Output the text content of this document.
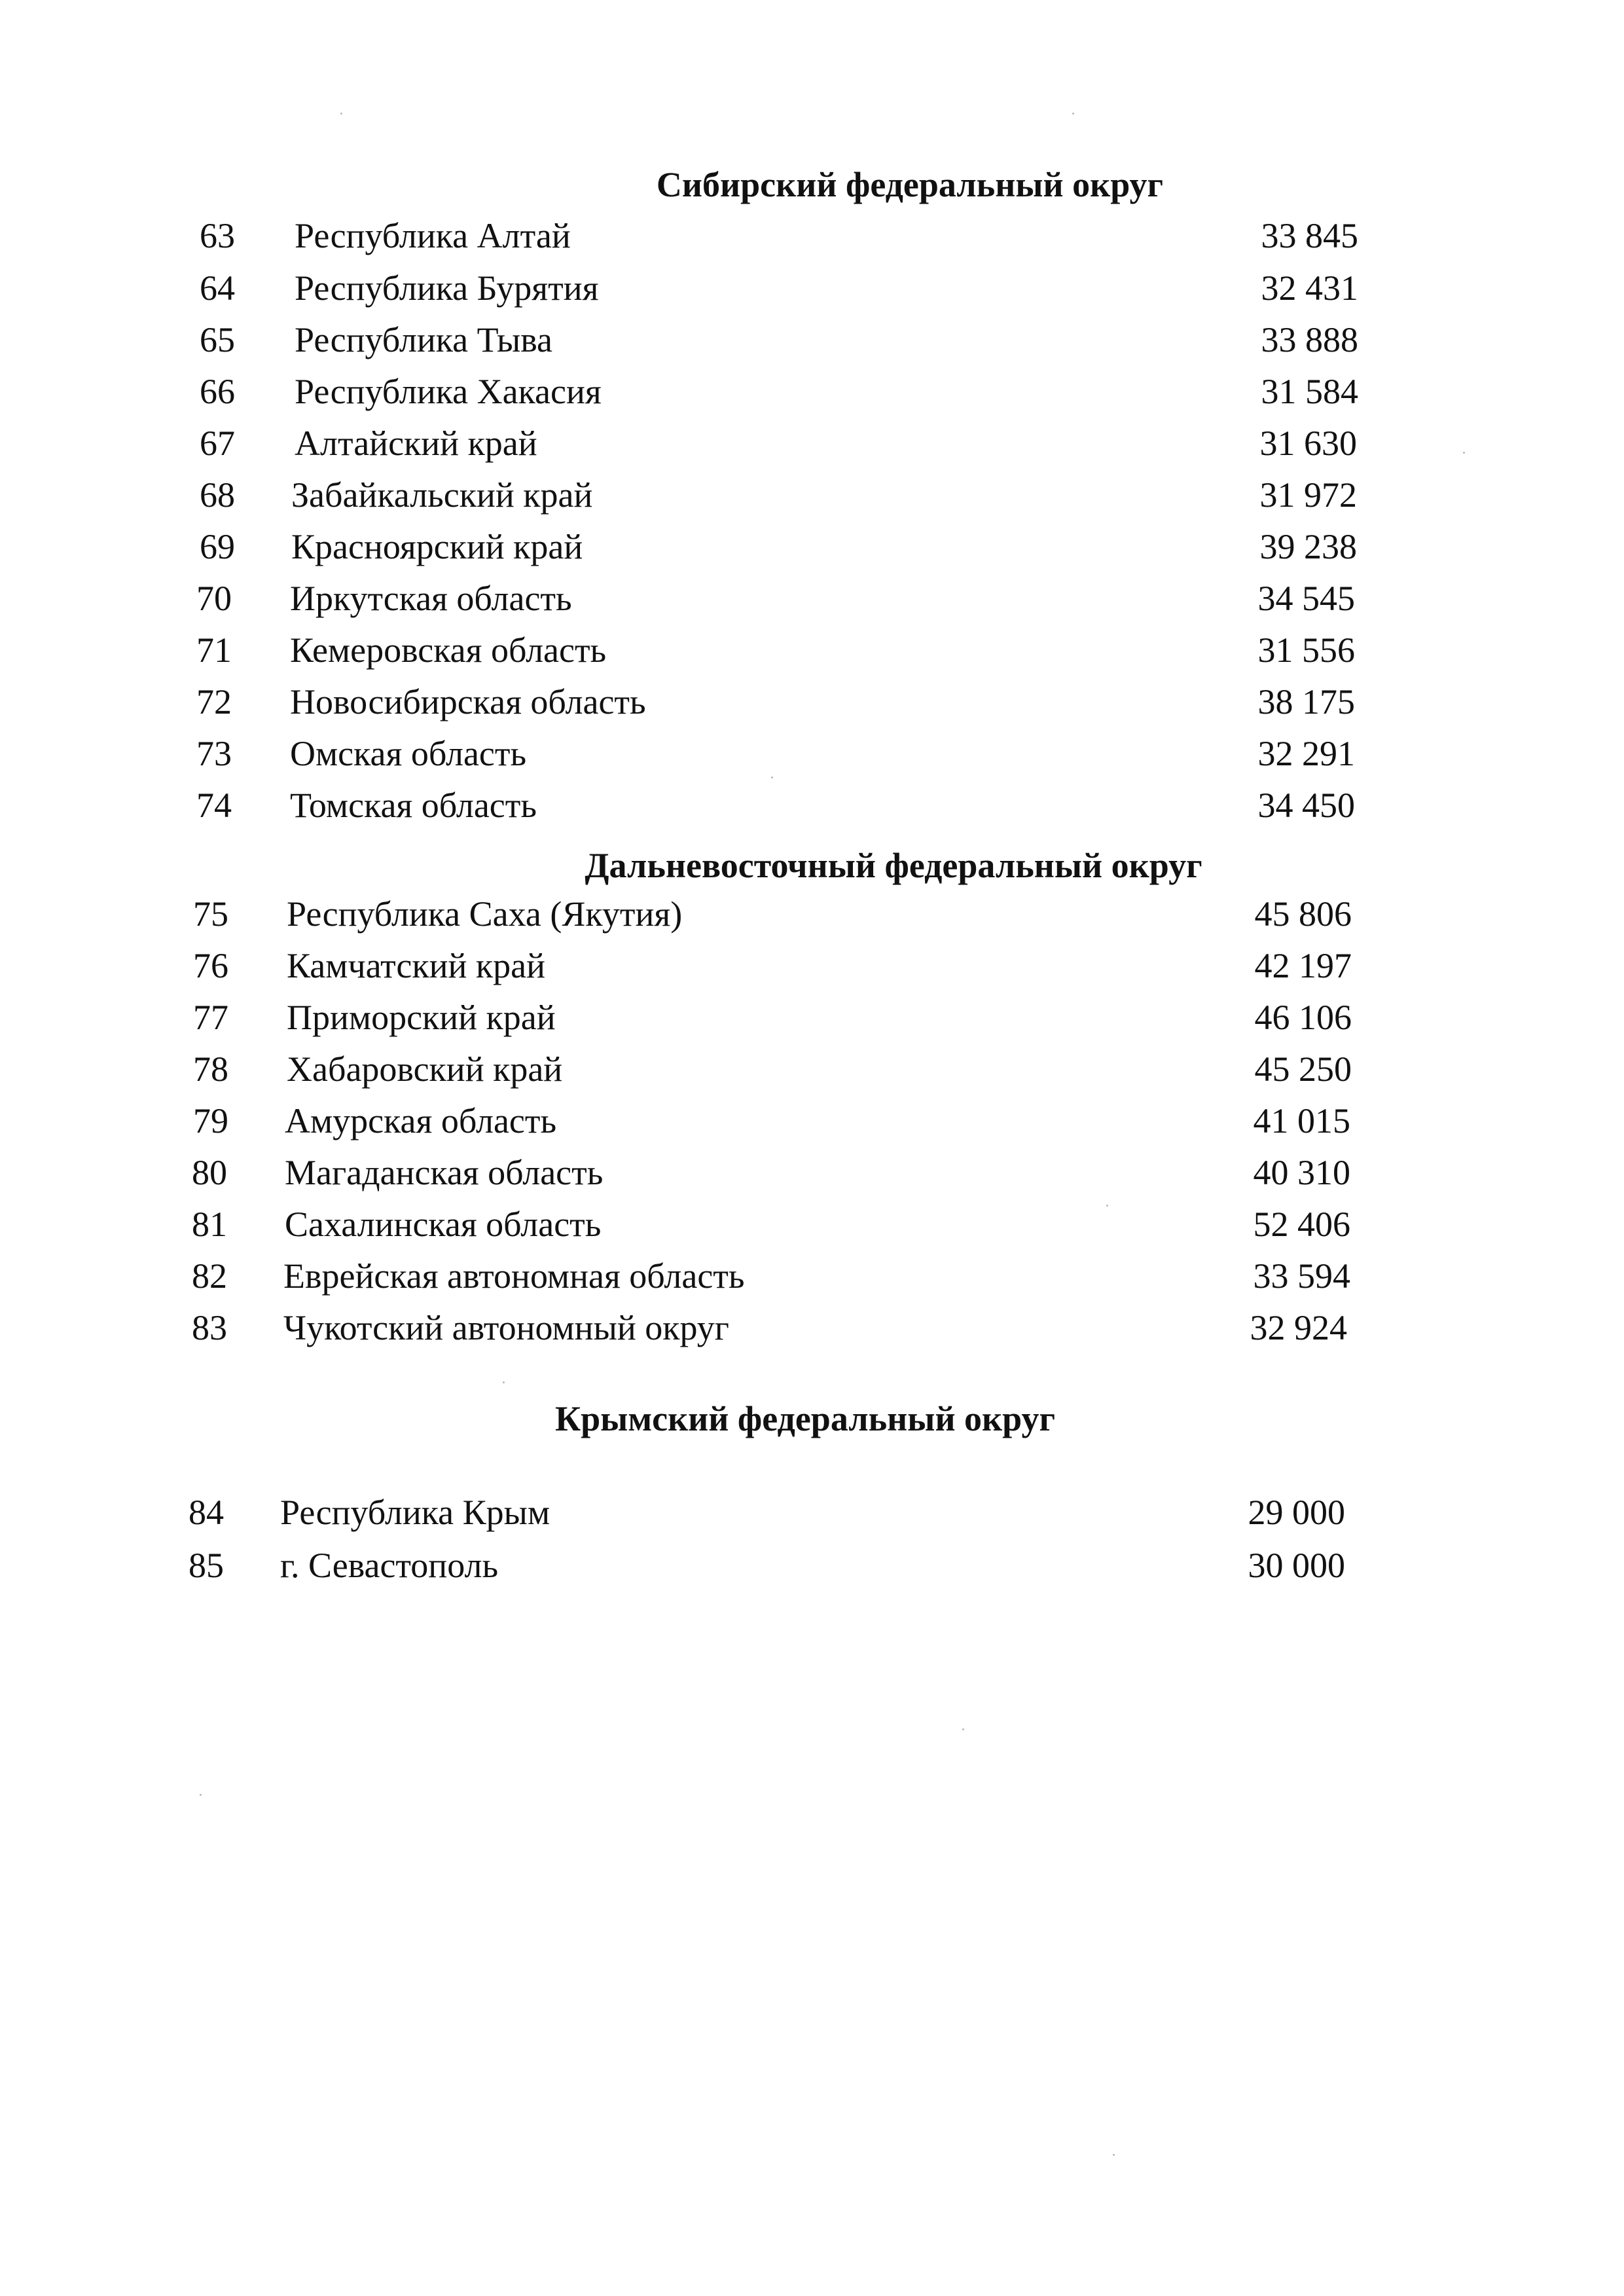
Сибирский федеральный округ
63	Республика Алтай	33 845
64	Республика Бурятия	32 431
65	Республика Тыва	33 888
66	Республика Хакасия	31 584
67	Алтайский край	31 630
68	Забайкальский край	31 972
69	Красноярский край	39 238
70	Иркутская область	34 545
71	Кемеровская область	31 556
72	Новосибирская область	38 175
73	Омская область	32 291
74	Томская область	34 450
Дальневосточный федеральный округ
75	Республика Саха (Якутия)	45 806
76	Камчатский край	42 197
77	Приморский край	46 106
78	Хабаровский край	45 250
79	Амурская область	41 015
80	Магаданская область	40 310
81	Сахалинская область	52 406
82	Еврейская автономная область	33 594
83	Чукотский автономный округ	32 924
Крымский федеральный округ
84	Республика Крым	29 000
85	г. Севастополь	30 000
